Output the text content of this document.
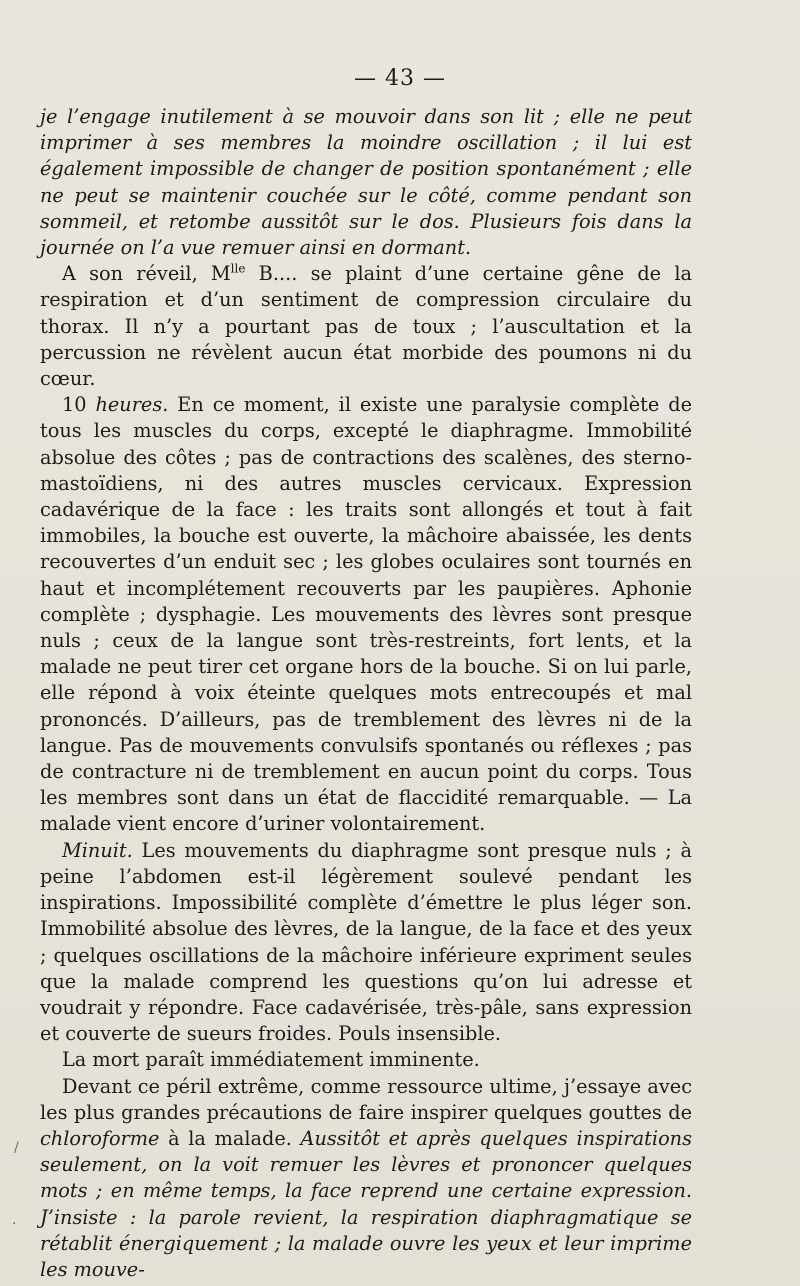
— 43 —

je l’engage inutilement à se mouvoir dans son lit ; elle ne peut imprimer à ses membres la moindre oscillation ; il lui est également impossible de changer de position spontanément ; elle ne peut se maintenir couchée sur le côté, comme pendant son sommeil, et retombe aussitôt sur le dos. Plusieurs fois dans la journée on l’a vue remuer ainsi en dormant.

A son réveil, $M^{lle}$ B.... se plaint d’une certaine gêne de la respiration et d’un sentiment de compression circulaire du thorax. Il n’y a pourtant pas de toux ; l’auscultation et la percussion ne révèlent aucun état morbide des poumons ni du cœur.

10 heures. En ce moment, il existe une paralysie complète de tous les muscles du corps, excepté le diaphragme. Immobilité absolue des côtes ; pas de contractions des scalènes, des sterno-mastoïdiens, ni des autres muscles cervicaux. Expression cadavérique de la face : les traits sont allongés et tout à fait immobiles, la bouche est ouverte, la mâchoire abaissée, les dents recouvertes d’un enduit sec ; les globes oculaires sont tournés en haut et incomplétement recouverts par les paupières. Aphonie complète ; dysphagie. Les mouvements des lèvres sont presque nuls ; ceux de la langue sont très-restreints, fort lents, et la malade ne peut tirer cet organe hors de la bouche. Si on lui parle, elle répond à voix éteinte quelques mots entrecoupés et mal prononcés. D’ailleurs, pas de tremblement des lèvres ni de la langue. Pas de mouvements convulsifs spontanés ou réflexes ; pas de contracture ni de tremblement en aucun point du corps. Tous les membres sont dans un état de flaccidité remarquable. — La malade vient encore d’uriner volontairement.

Minuit. Les mouvements du diaphragme sont presque nuls ; à peine l’abdomen est-il légèrement soulevé pendant les inspirations. Impossibilité complète d’émettre le plus léger son. Immobilité absolue des lèvres, de la langue, de la face et des yeux ; quelques oscillations de la mâchoire inférieure expriment seules que la malade comprend les questions qu’on lui adresse et voudrait y répondre. Face cadavérisée, très-pâle, sans expression et couverte de sueurs froides. Pouls insensible.

La mort paraît immédiatement imminente.

Devant ce péril extrême, comme ressource ultime, j’essaye avec les plus grandes précautions de faire inspirer quelques gouttes de chloroforme à la malade. Aussitôt et après quelques inspirations seulement, on la voit remuer les lèvres et prononcer quelques mots ; en même temps, la face reprend une certaine expression. J’insiste : la parole revient, la respiration diaphragmatique se rétablit énergiquement ; la malade ouvre les yeux et leur imprime les mouve-

/
.
